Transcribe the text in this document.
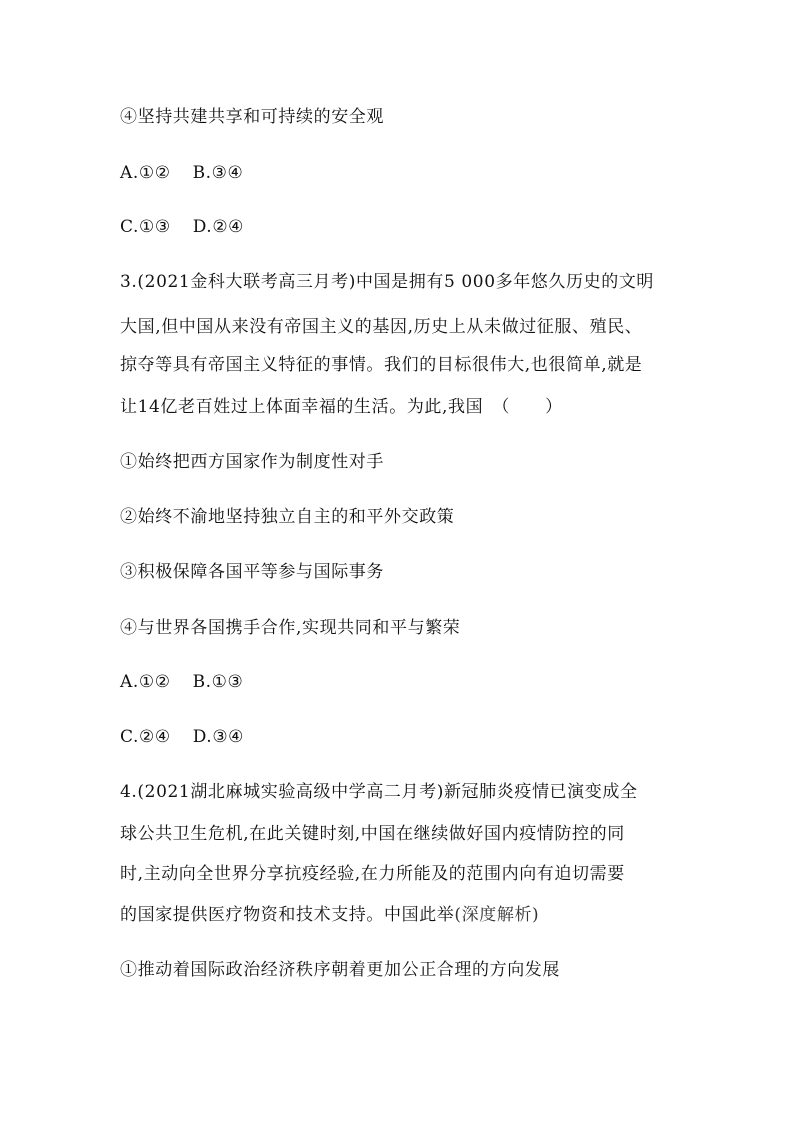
④坚持共建共享和可持续的安全观
A.①② B.③④
C.①③ D.②④
3.(2021金科大联考高三月考)中国是拥有5 000多年悠久历史的文明
大国,但中国从来没有帝国主义的基因,历史上从未做过征服、殖民、
掠夺等具有帝国主义特征的事情。我们的目标很伟大,也很简单,就是
让14亿老百姓过上体面幸福的生活。为此,我国　（　　）
①始终把西方国家作为制度性对手
②始终不渝地坚持独立自主的和平外交政策
③积极保障各国平等参与国际事务
④与世界各国携手合作,实现共同和平与繁荣
A.①② B.①③
C.②④ D.③④
4.(2021湖北麻城实验高级中学高二月考)新冠肺炎疫情已演变成全
球公共卫生危机,在此关键时刻,中国在继续做好国内疫情防控的同
时,主动向全世界分享抗疫经验,在力所能及的范围内向有迫切需要
的国家提供医疗物资和技术支持。中国此举(深度解析)
①推动着国际政治经济秩序朝着更加公正合理的方向发展
